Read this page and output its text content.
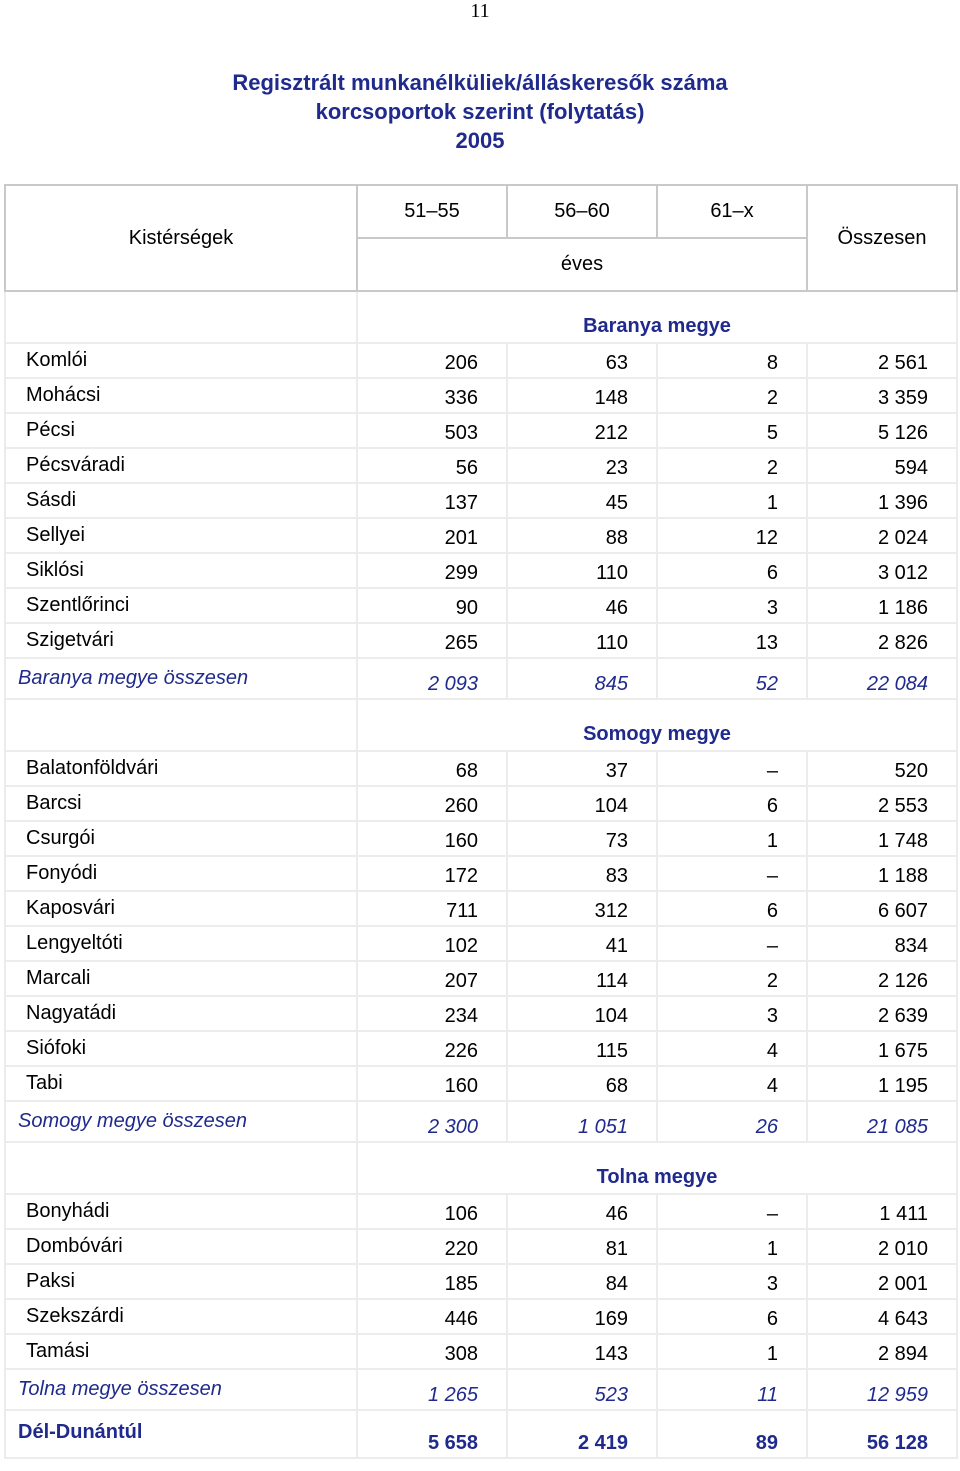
11
Regisztrált munkanélküliek/álláskeresők száma
korcsoportok szerint (folytatás)
2005
Kistérségek	51–55	56–60	61–x	Összesen
	éves			
	Baranya megye			
Komlói	206	63	8	2 561
Mohácsi	336	148	2	3 359
Pécsi	503	212	5	5 126
Pécsváradi	56	23	2	594
Sásdi	137	45	1	1 396
Sellyei	201	88	12	2 024
Siklósi	299	110	6	3 012
Szentlőrinci	90	46	3	1 186
Szigetvári	265	110	13	2 826
Baranya megye összesen	2 093	845	52	22 084
	Somogy megye			
Balatonföldvári	68	37	–	520
Barcsi	260	104	6	2 553
Csurgói	160	73	1	1 748
Fonyódi	172	83	–	1 188
Kaposvári	711	312	6	6 607
Lengyeltóti	102	41	–	834
Marcali	207	114	2	2 126
Nagyatádi	234	104	3	2 639
Siófoki	226	115	4	1 675
Tabi	160	68	4	1 195
Somogy megye összesen	2 300	1 051	26	21 085
	Tolna megye			
Bonyhádi	106	46	–	1 411
Dombóvári	220	81	1	2 010
Paksi	185	84	3	2 001
Szekszárdi	446	169	6	4 643
Tamási	308	143	1	2 894
Tolna megye összesen	1 265	523	11	12 959
Dél-Dunántúl	5 658	2 419	89	56 128
